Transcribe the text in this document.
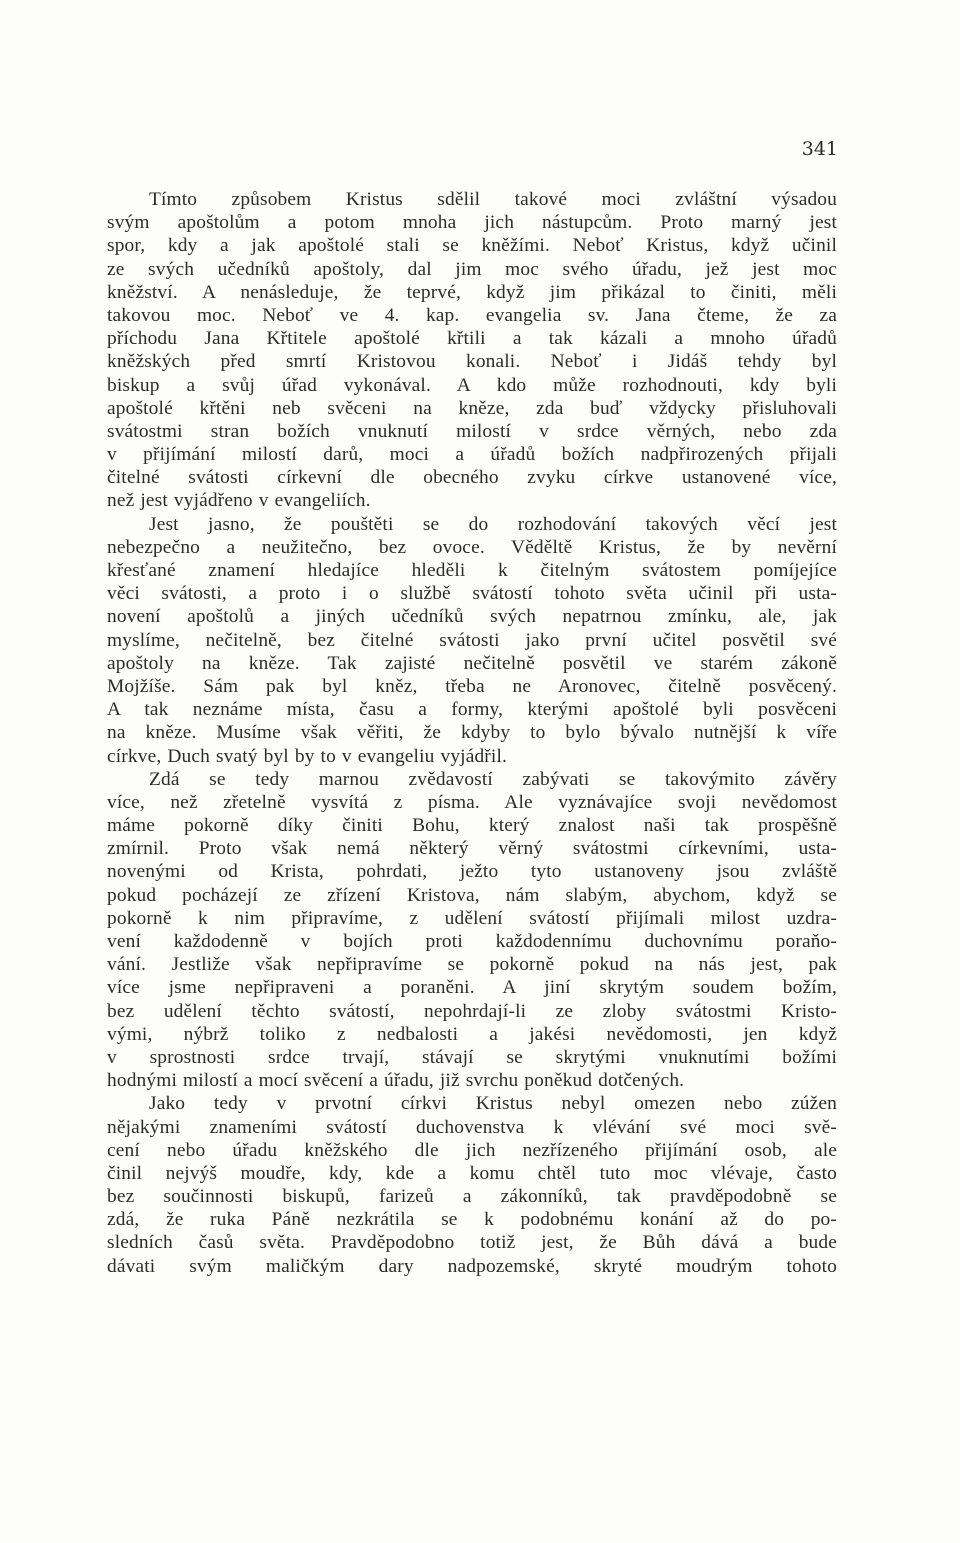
341
Tímto způsobem Kristus sdělil takové moci zvláštní výsadou
svým apoštolům a potom mnoha jich nástupcům. Proto marný jest
spor, kdy a jak apoštolé stali se kněžími. Neboť Kristus, když učinil
ze svých učedníků apoštoly, dal jim moc svého úřadu, jež jest moc
kněžství. A nenásleduje, že teprvé, když jim přikázal to činiti, měli
takovou moc. Neboť ve 4. kap. evangelia sv. Jana čteme, že za
příchodu Jana Křtitele apoštolé křtili a tak kázali a mnoho úřadů
kněžských před smrtí Kristovou konali. Neboť i Jidáš tehdy byl
biskup a svůj úřad vykonával. A kdo může rozhodnouti, kdy byli
apoštolé křtěni neb svěceni na kněze, zda buď vždycky přisluhovali
svátostmi stran božích vnuknutí milostí v srdce věrných, nebo zda
v přijímání milostí darů, moci a úřadů božích nadpřirozených přijali
čitelné svátosti církevní dle obecného zvyku církve ustanovené více,
než jest vyjádřeno v evangeliích.
Jest jasno, že pouštěti se do rozhodování takových věcí jest
nebezpečno a neužitečno, bez ovoce. Věděltě Kristus, že by nevěrní
křesťané znamení hledajíce hleděli k čitelným svátostem pomíjejíce
věci svátosti, a proto i o službě svátostí tohoto světa učinil při usta-
novení apoštolů a jiných učedníků svých nepatrnou zmínku, ale, jak
myslíme, nečitelně, bez čitelné svátosti jako první učitel posvětil své
apoštoly na kněze. Tak zajisté nečitelně posvětil ve starém zákoně
Mojžíše. Sám pak byl kněz, třeba ne Aronovec, čitelně posvěcený.
A tak neznáme místa, času a formy, kterými apoštolé byli posvěceni
na kněze. Musíme však věřiti, že kdyby to bylo bývalo nutnější k víře
církve, Duch svatý byl by to v evangeliu vyjádřil.
Zdá se tedy marnou zvědavostí zabývati se takovýmito závěry
více, než zřetelně vysvítá z písma. Ale vyznávajíce svoji nevědomost
máme pokorně díky činiti Bohu, který znalost naši tak prospěšně
zmírnil. Proto však nemá některý věrný svátostmi církevními, usta-
novenými od Krista, pohrdati, ježto tyto ustanoveny jsou zvláště
pokud pocházejí ze zřízení Kristova, nám slabým, abychom, když se
pokorně k nim připravíme, z udělení svátostí přijímali milost uzdra-
vení každodenně v bojích proti každodennímu duchovnímu poraňo-
vání. Jestliže však nepřipravíme se pokorně pokud na nás jest, pak
více jsme nepřipraveni a poraněni. A jiní skrytým soudem božím,
bez udělení těchto svátostí, nepohrdají-li ze zloby svátostmi Kristo-
vými, nýbrž toliko z nedbalosti a jakési nevědomosti, jen když
v sprostnosti srdce trvají, stávají se skrytými vnuknutími božími
hodnými milostí a mocí svěcení a úřadu, již svrchu poněkud dotčených.
Jako tedy v prvotní církvi Kristus nebyl omezen nebo zúžen
nějakými znameními svátostí duchovenstva k vlévání své moci svě-
cení nebo úřadu kněžského dle jich nezřízeného přijímání osob, ale
činil nejvýš moudře, kdy, kde a komu chtěl tuto moc vlévaje, často
bez součinnosti biskupů, farizeů a zákonníků, tak pravděpodobně se
zdá, že ruka Páně nezkrátila se k podobnému konání až do po-
sledních časů světa. Pravděpodobno totiž jest, že Bůh dává a bude
dávati svým maličkým dary nadpozemské, skryté moudrým tohoto
